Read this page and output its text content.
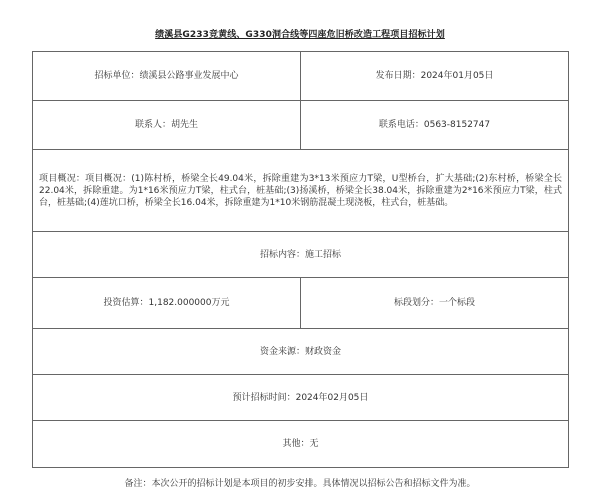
绩溪县G233竞黄线、G330洞合线等四座危旧桥改造工程项目招标计划
招标单位：绩溪县公路事业发展中心	发布日期：2024年01月05日
联系人：胡先生	联系电话：0563-8152747

项目概况：项目概况：(1)陈村桥，桥梁全长49.04米，拆除重建为3*13米预应力T梁，U型桥台，扩大基础;(2)东村桥，桥梁全长22.04米，拆除重建。为1*16米预应力T梁，柱式台，桩基础;(3)扬溪桥，桥梁全长38.04米，拆除重建为2*16米预应力T梁，柱式台，桩基础;(4)莲坑口桥，桥梁全长16.04米，拆除重建为1*10米钢筋混凝土现浇板，柱式台，桩基础。	

招标内容：施工招标	
投资估算：1,182.000000万元	标段划分：一个标段
资金来源：财政资金	
预计招标时间：2024年02月05日	
其他：无	
备注：本次公开的招标计划是本项目的初步安排。具体情况以招标公告和招标文件为准。
